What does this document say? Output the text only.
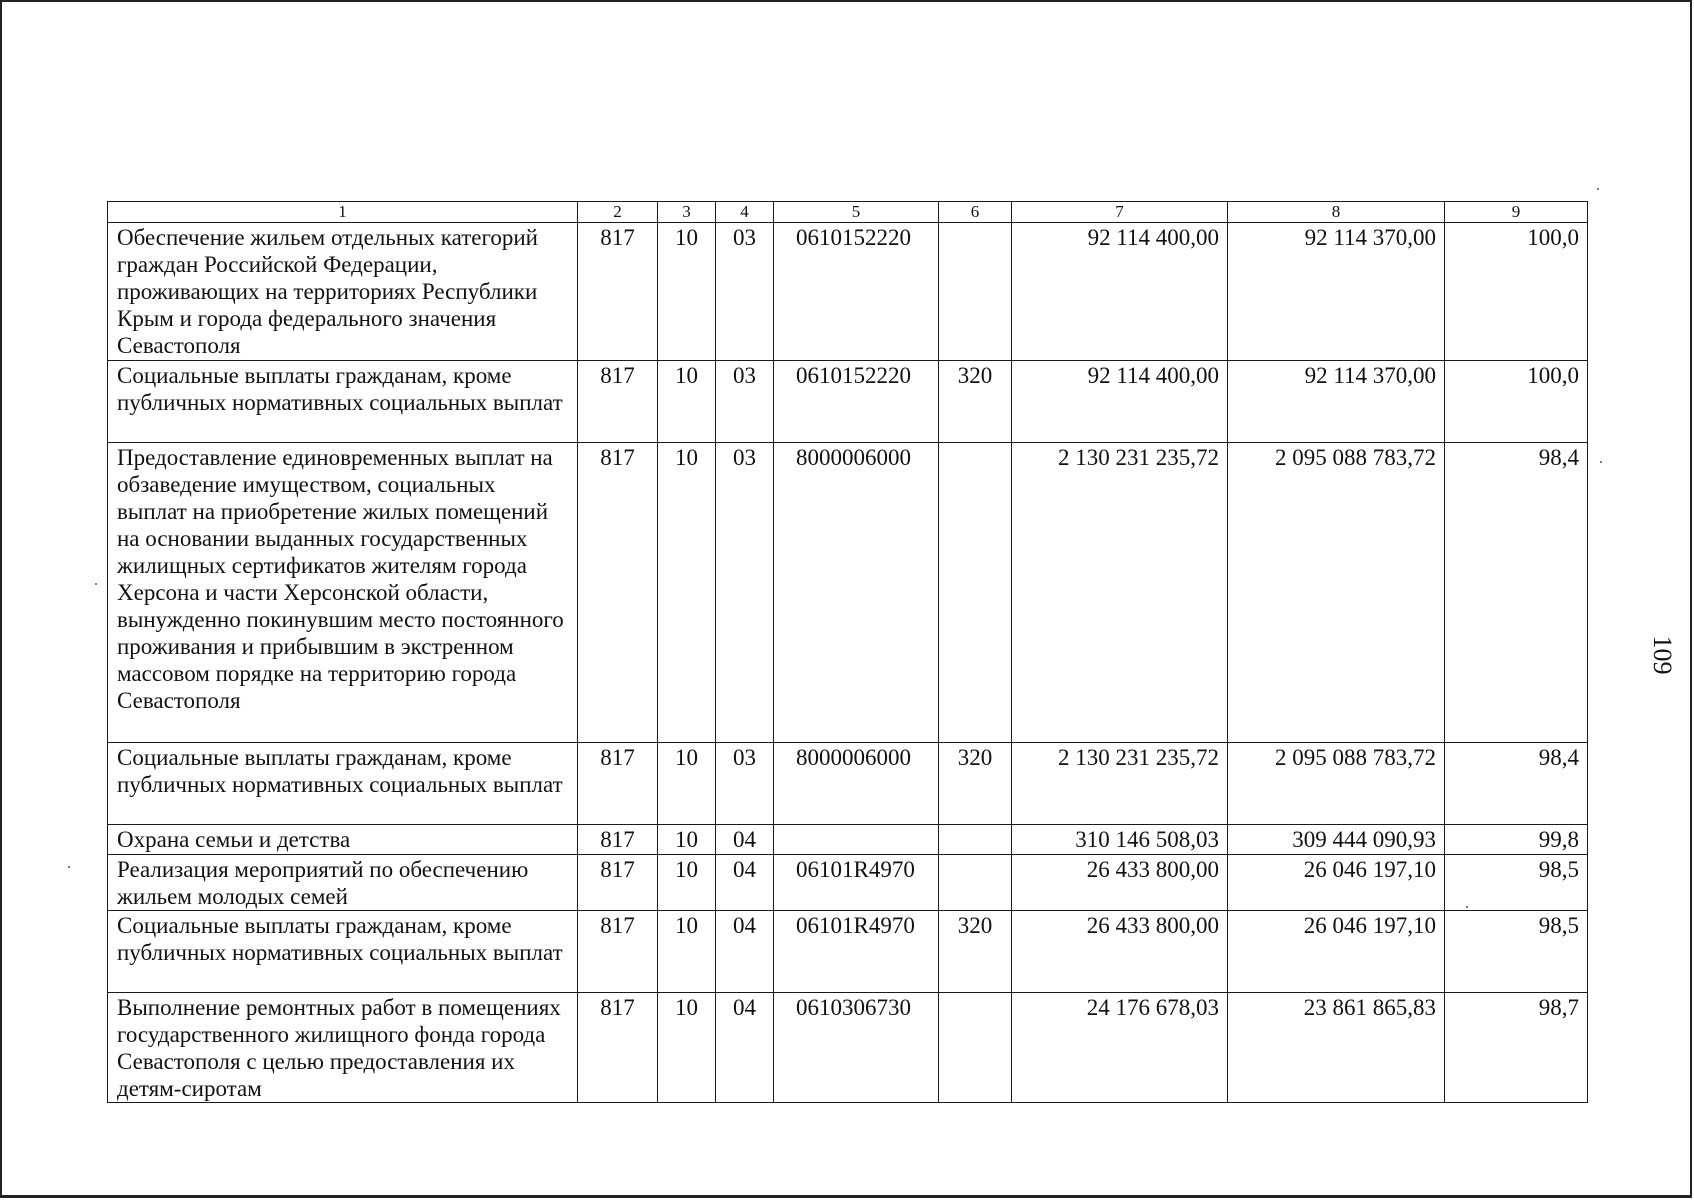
1	2	3	4	5	6	7	8	9
Обеспечение жильем отдельных категорий граждан Российской Федерации, проживающих на территориях Республики Крым и города федерального значения Севастополя	817	10	03	0610152220		92 114 400,00	92 114 370,00	100,0
Социальные выплаты гражданам, кроме публичных нормативных социальных выплат	817	10	03	0610152220	320	92 114 400,00	92 114 370,00	100,0
Предоставление единовременных выплат на обзаведение имуществом, социальных выплат на приобретение жилых помещений на основании выданных государственных жилищных сертификатов жителям города Херсона и части Херсонской области, вынужденно покинувшим место постоянного проживания и прибывшим в экстренном массовом порядке на территорию города Севастополя	817	10	03	8000006000		2 130 231 235,72	2 095 088 783,72	98,4
Социальные выплаты гражданам, кроме публичных нормативных социальных выплат	817	10	03	8000006000	320	2 130 231 235,72	2 095 088 783,72	98,4
Охрана семьи и детства	817	10	04			310 146 508,03	309 444 090,93	99,8
Реализация мероприятий по обеспечению жильем молодых семей	817	10	04	06101R4970		26 433 800,00	26 046 197,10	98,5
Социальные выплаты гражданам, кроме публичных нормативных социальных выплат	817	10	04	06101R4970	320	26 433 800,00	26 046 197,10	98,5
Выполнение ремонтных работ в помещениях государственного жилищного фонда города Севастополя с целью предоставления их детям-сиротам	817	10	04	0610306730		24 176 678,03	23 861 865,83	98,7
109
